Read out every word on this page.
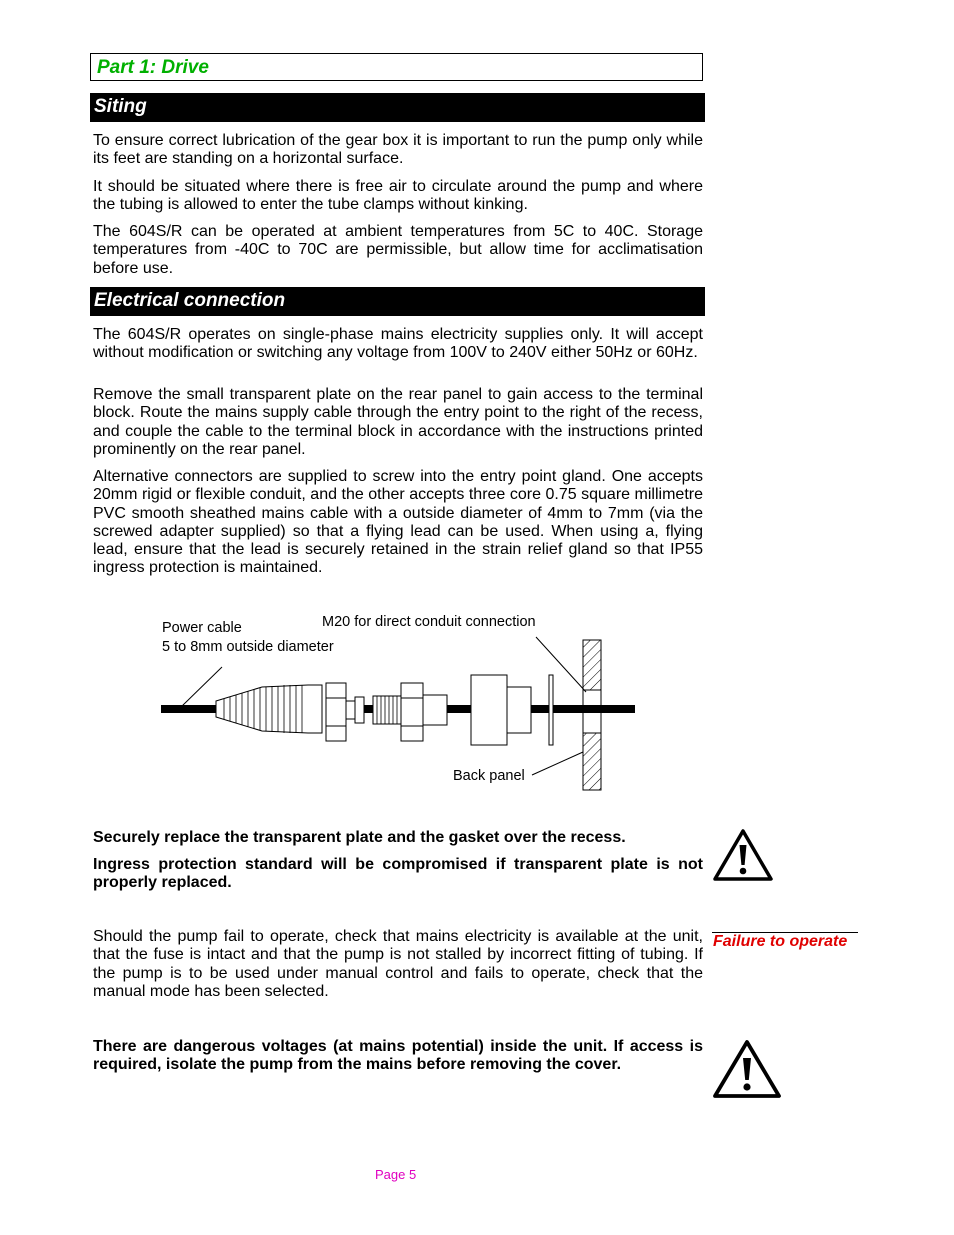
Part 1: Drive
Siting

To ensure correct lubrication of the gear box it is important to run the pump only while its feet are standing on a horizontal surface.

It should be situated where there is free air to circulate around the pump and where the tubing is allowed to enter the tube clamps without kinking.

The 604S/R can be operated at ambient temperatures from 5C to 40C. Storage temperatures from -40C to 70C are permissible, but allow time for acclimatisation before use.

Electrical connection

The 604S/R operates on single-phase mains electricity supplies only. It will accept without modification or switching any voltage from 100V to 240V either 50Hz or 60Hz.

Remove the small transparent plate on the rear panel to gain access to the terminal block. Route the mains supply cable through the entry point to the right of the recess, and couple the cable to the terminal block in accordance with the instructions printed prominently on the rear panel.

Alternative connectors are supplied to screw into the entry point gland. One accepts 20mm rigid or flexible conduit, and the other accepts three core 0.75 square millimetre PVC smooth sheathed mains cable with a outside diameter of 4mm to 7mm (via the screwed adapter supplied) so that a flying lead can be used. When using a, flying lead, ensure that the lead is securely retained in the strain relief gland so that IP55 ingress protection is maintained.

Power cable
5 to 8mm outside diameter
M20 for direct conduit connection
Back panel

Securely replace the transparent plate and the gasket over the recess.

Ingress protection standard will be compromised if transparent plate is not properly replaced.

Failure to operate

Should the pump fail to operate, check that mains electricity is available at the unit, that the fuse is intact and that the pump is not stalled by incorrect fitting of tubing. If the pump is to be used under manual control and fails to operate, check that the manual mode has been selected.

There are dangerous voltages (at mains potential) inside the unit. If access is required, isolate the pump from the mains before removing the cover.

Page 5
